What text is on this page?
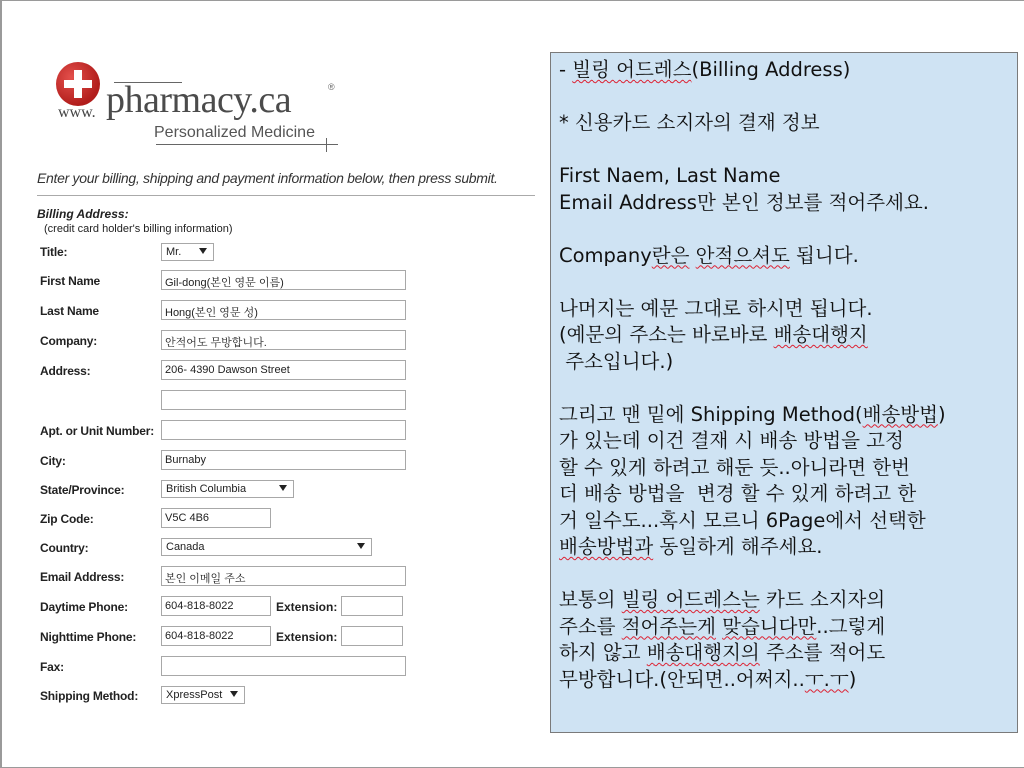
www. pharmacy.ca	®
Personalized Medicine
Enter your billing, shipping and payment information below, then press submit.
Billing Address:
(credit card holder's billing information)
Title:	Mr.
First Name	Gil-dong(본인 영문 이름)
Last Name	Hong(본인 영문 성)
Company:	안적어도 무방합니다.
Address:	206- 4390 Dawson Street
Apt. or Unit Number:
City:	Burnaby
State/Province:	British Columbia
Zip Code:	V5C 4B6
Country:	Canada
Email Address:	본인 이메일 주소
Daytime Phone:	604-818-8022	Extension:
Nighttime Phone:	604-818-8022	Extension:
Fax:
Shipping Method:	XpressPost

- 빌링 어드레스(Billing Address)

* 신용카드 소지자의 결재 정보

First Naem, Last Name

Email Address만 본인 정보를 적어주세요.

Company란은 안적으셔도 됩니다.

나머지는 예문 그대로 하시면 됩니다.

(예문의 주소는 바로바로 배송대행지

주소입니다.)

그리고 맨 밑에 Shipping Method(배송방법)

가 있는데 이건 결재 시 배송 방법을 고정

할 수 있게 하려고 해둔 듯..아니라면 한번

더 배송 방법을  변경 할 수 있게 하려고 한

거 일수도...혹시 모르니 6Page에서 선택한

배송방법과 동일하게 해주세요.

보통의 빌링 어드레스는 카드 소지자의

주소를 적어주는게 맞습니다만..그렇게

하지 않고 배송대행지의 주소를 적어도

무방합니다.(안되면..어쩌지..ㅜ.ㅜ)
